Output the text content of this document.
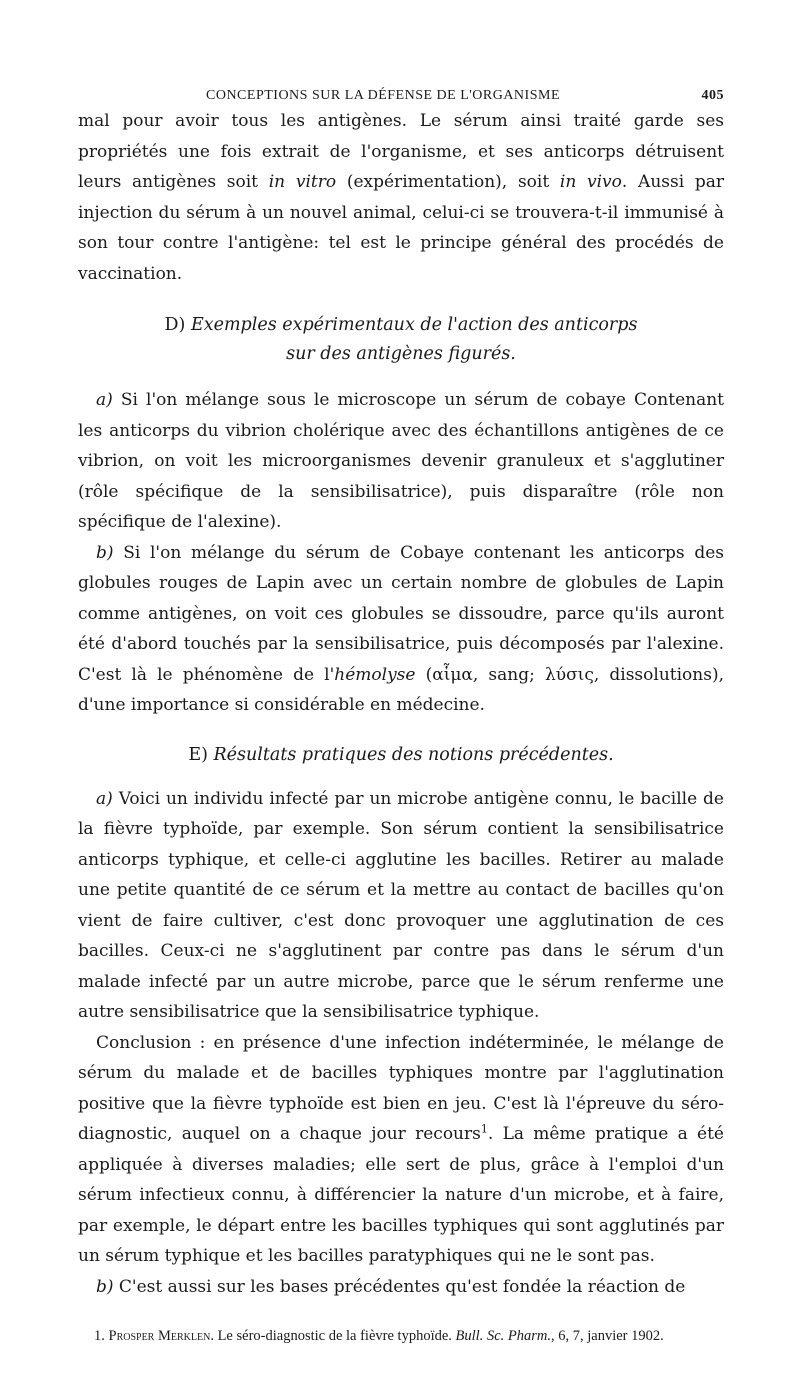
CONCEPTIONS SUR LA DÉFENSE DE L'ORGANISME	405

mal pour avoir tous les antigènes. Le sérum ainsi traité garde ses propriétés une fois extrait de l'organisme, et ses anticorps détruisent leurs antigènes soit in vitro (expérimentation), soit in vivo. Aussi par injection du sérum à un nouvel animal, celui-ci se trouvera-t-il immunisé à son tour contre l'antigène: tel est le principe général des procédés de vaccination.

D) Exemples expérimentaux de l'action des anticorps
sur des antigènes figurés.

a) Si l'on mélange sous le microscope un sérum de cobaye Contenant les anticorps du vibrion cholérique avec des échantillons antigènes de ce vibrion, on voit les microorganismes devenir granuleux et s'agglutiner (rôle spécifique de la sensibilisatrice), puis disparaître (rôle non spécifique de l'alexine).

b) Si l'on mélange du sérum de Cobaye contenant les anticorps des globules rouges de Lapin avec un certain nombre de globules de Lapin comme antigènes, on voit ces globules se dissoudre, parce qu'ils auront été d'abord touchés par la sensibilisatrice, puis décomposés par l'alexine. C'est là le phénomène de l'hémolyse (αἷμα, sang; λύσις, dissolutions), d'une importance si considérable en médecine.

E) Résultats pratiques des notions précédentes.

a) Voici un individu infecté par un microbe antigène connu, le bacille de la fièvre typhoïde, par exemple. Son sérum contient la sensibilisatrice anticorps typhique, et celle-ci agglutine les bacilles. Retirer au malade une petite quantité de ce sérum et la mettre au contact de bacilles qu'on vient de faire cultiver, c'est donc provoquer une agglutination de ces bacilles. Ceux-ci ne s'agglutinent par contre pas dans le sérum d'un malade infecté par un autre microbe, parce que le sérum renferme une autre sensibilisatrice que la sensibilisatrice typhique.

Conclusion : en présence d'une infection indéterminée, le mélange de sérum du malade et de bacilles typhiques montre par l'agglutination positive que la fièvre typhoïde est bien en jeu. C'est là l'épreuve du séro-diagnostic, auquel on a chaque jour recours$^1$. La même pratique a été appliquée à diverses maladies; elle sert de plus, grâce à l'emploi d'un sérum infectieux connu, à différencier la nature d'un microbe, et à faire, par exemple, le départ entre les bacilles typhiques qui sont agglutinés par un sérum typhique et les bacilles paratyphiques qui ne le sont pas.

b) C'est aussi sur les bases précédentes qu'est fondée la réaction de

1. Prosper Merklen. Le séro-diagnostic de la fièvre typhoïde. Bull. Sc. Pharm., 6, 7, janvier 1902.
